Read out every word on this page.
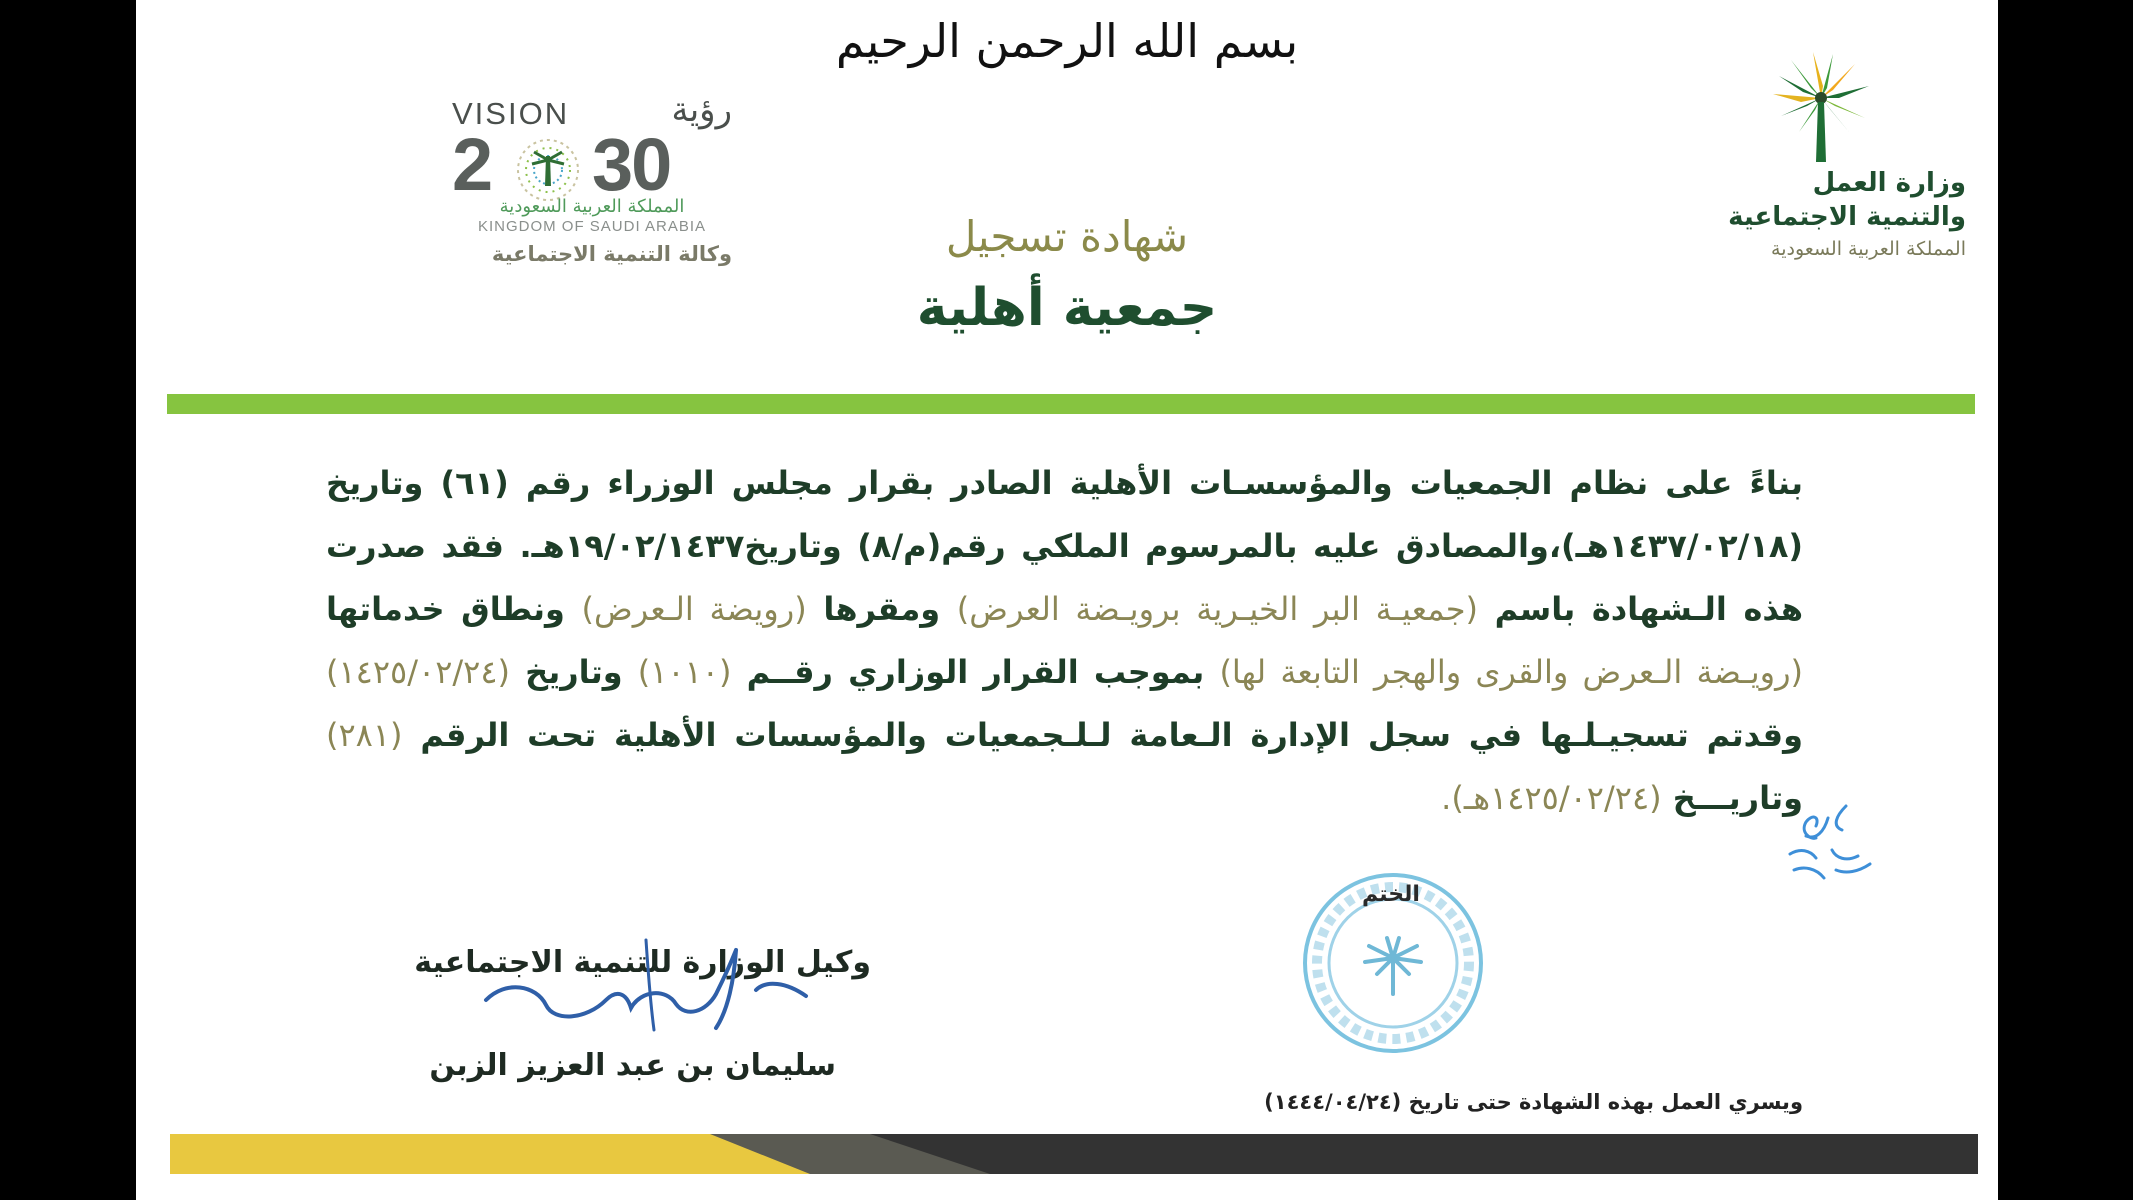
بسم الله الرحمن الرحيم
وزارة العمل
والتنمية الاجتماعية
المملكة العربية السعودية
VISION	رؤية
2 30
المملكة العربية السعودية
KINGDOM OF SAUDI ARABIA
وكالة التنمية الاجتماعية	شهادة تسجيل
جمعية أهلية
بناءً على نظام الجمعيات والمؤسسـات الأهلية الصادر بقرار مجلس الوزراء رقم (٦١) وتاريخ (١٤٣٧/٠٢/١٨هـ)،والمصادق عليه بالمرسوم الملكي رقم(م/٨) وتاريخ١٩/٠٢/١٤٣٧هـ. فقد صدرت هذه الـشهادة باسم (جمعيـة البر الخيـرية برويـضة العرض) ومقرها (رويضة الـعرض) ونطاق خدماتها (رويـضة الـعرض والقرى والهجر التابعة لها) بموجب القرار الوزاري رقــم (١٠١٠) وتاريخ (١٤٢٥/٠٢/٢٤) وقدتم تسجيـلـها في سجل الإدارة الـعامة لـلـجمعيات والمؤسسات الأهلية تحت الرقم (٢٨١) وتاريـــخ (١٤٢٥/٠٢/٢٤هـ).
الختم
وكيل الوزارة للتنمية الاجتماعية
سليمان بن عبد العزيز الزبن
ويسري العمل بهذه الشهادة حتى تاريخ (١٤٤٤/٠٤/٢٤)
